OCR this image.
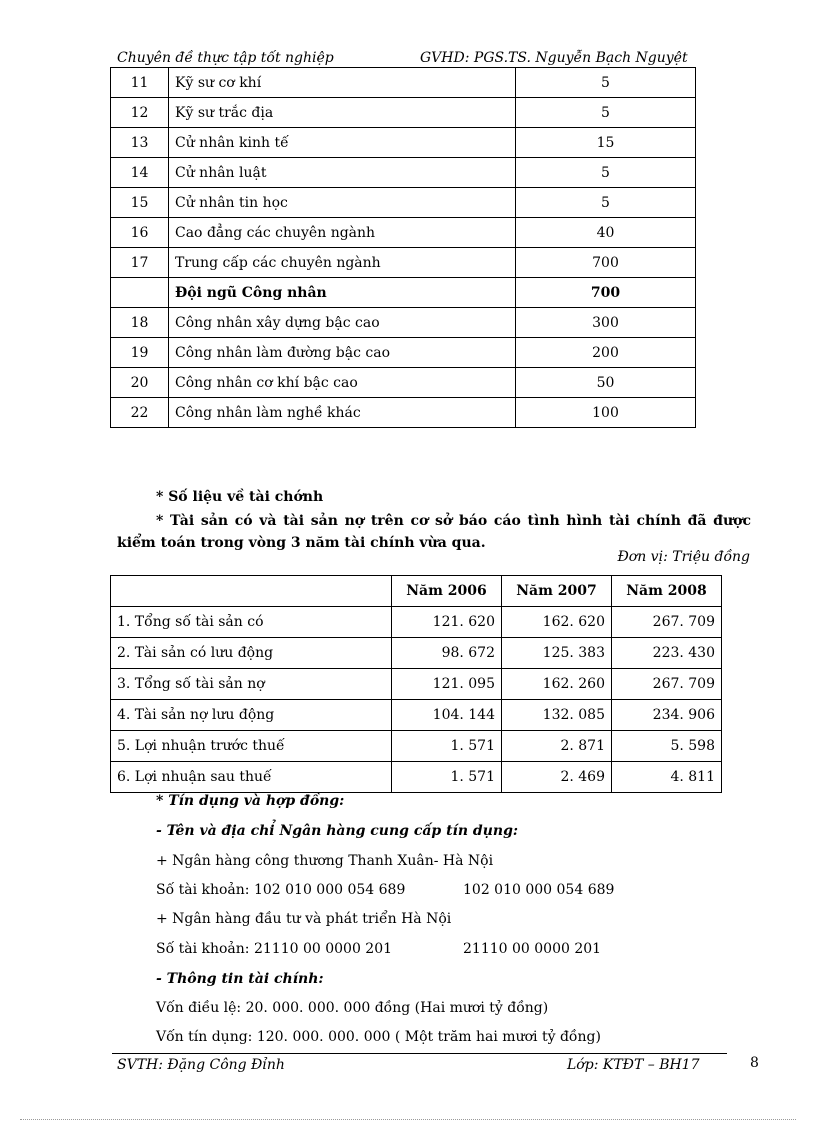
Chuyên đề thực tập tốt nghiệp	GVHD: PGS.TS. Nguyễn Bạch Nguyệt
11	Kỹ sư cơ khí	5
12	Kỹ sư trắc địa	5
13	Cử nhân kinh tế	15
14	Cử nhân luật	5
15	Cử nhân tin học	5
16	Cao đẳng các chuyên ngành	40
17	Trung cấp các chuyên ngành	700
	Đội ngũ Công nhân	700
18	Công nhân xây dựng bậc cao	300
19	Công nhân làm đường bậc cao	200
20	Công nhân cơ khí bậc cao	50
22	Công nhân làm nghề khác	100
* Số liệu về tài chớnh
* Tài sản có và tài sản nợ trên cơ sở báo cáo tình hình tài chính đã được kiểm toán trong vòng 3 năm tài chính vừa qua.
Đơn vị: Triệu đồng
	Năm 2006	Năm 2007	Năm 2008
1. Tổng số tài sản có	121. 620	162. 620	267. 709
2. Tài sản có lưu động	98. 672	125. 383	223. 430
3. Tổng số tài sản nợ	121. 095	162. 260	267. 709
4. Tài sản nợ lưu động	104. 144	132. 085	234. 906
5. Lợi nhuận trước thuế	1. 571	2. 871	5. 598
6. Lợi nhuận sau thuế	1. 571	2. 469	4. 811
* Tín dụng và hợp đồng:
- Tên và địa chỉ Ngân hàng cung cấp tín dụng:
+ Ngân hàng công thương Thanh Xuân- Hà Nội
Số tài khoản: 102 010 000 054 689	102 010 000 054 689
+ Ngân hàng đầu tư và phát triển Hà Nội
Số tài khoản: 21110 00 0000 201	21110 00 0000 201
- Thông tin tài chính:
Vốn điều lệ: 20. 000. 000. 000 đồng (Hai mươi tỷ đồng)
Vốn tín dụng: 120. 000. 000. 000 ( Một trăm hai mươi tỷ đồng)
SVTH: Đặng Công Đỉnh	Lớp: KTĐT – BH17	8
